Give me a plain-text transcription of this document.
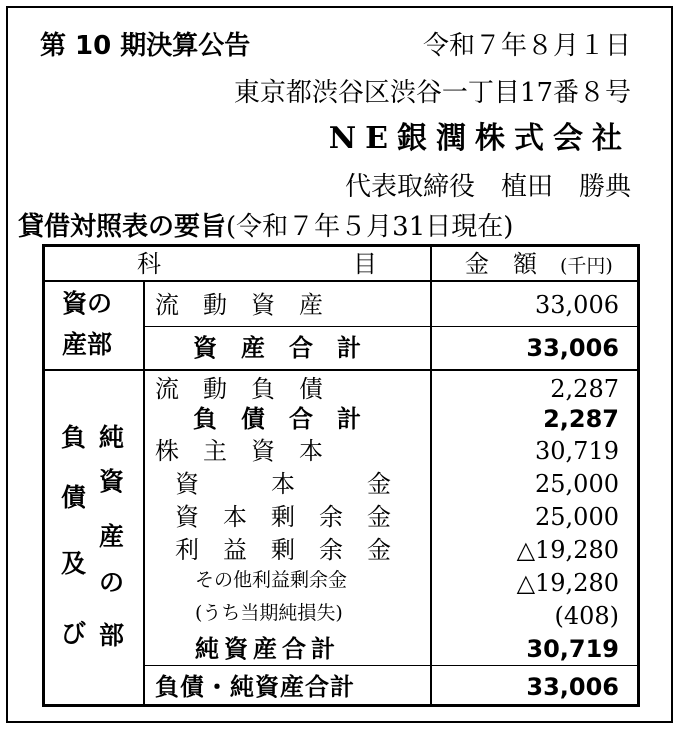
第 10 期決算公告	令和７年８月１日
東京都渋谷区渋谷一丁目17番８号
NE銀潤株式会社
代表取締役　植田　勝典
貸借対照表の要旨(令和７年５月31日現在)
科　　　　　　　　目	金　額 (千円)
資の
産部
負
債
及
び
純
資
産
の
部
流　動　資　産
資　産　合　計
流　動　負　債
負　債　合　計
株　主　資　本
資　　　本　　　金
資　本　剰　余　金
利　益　剰　余　金
その他利益剰余金
(うち当期純損失)
純資産合計
負債・純資産合計
33,006
33,006
2,287
2,287
30,719
25,000
25,000
△19,280
△19,280
(408)
30,719
33,006
